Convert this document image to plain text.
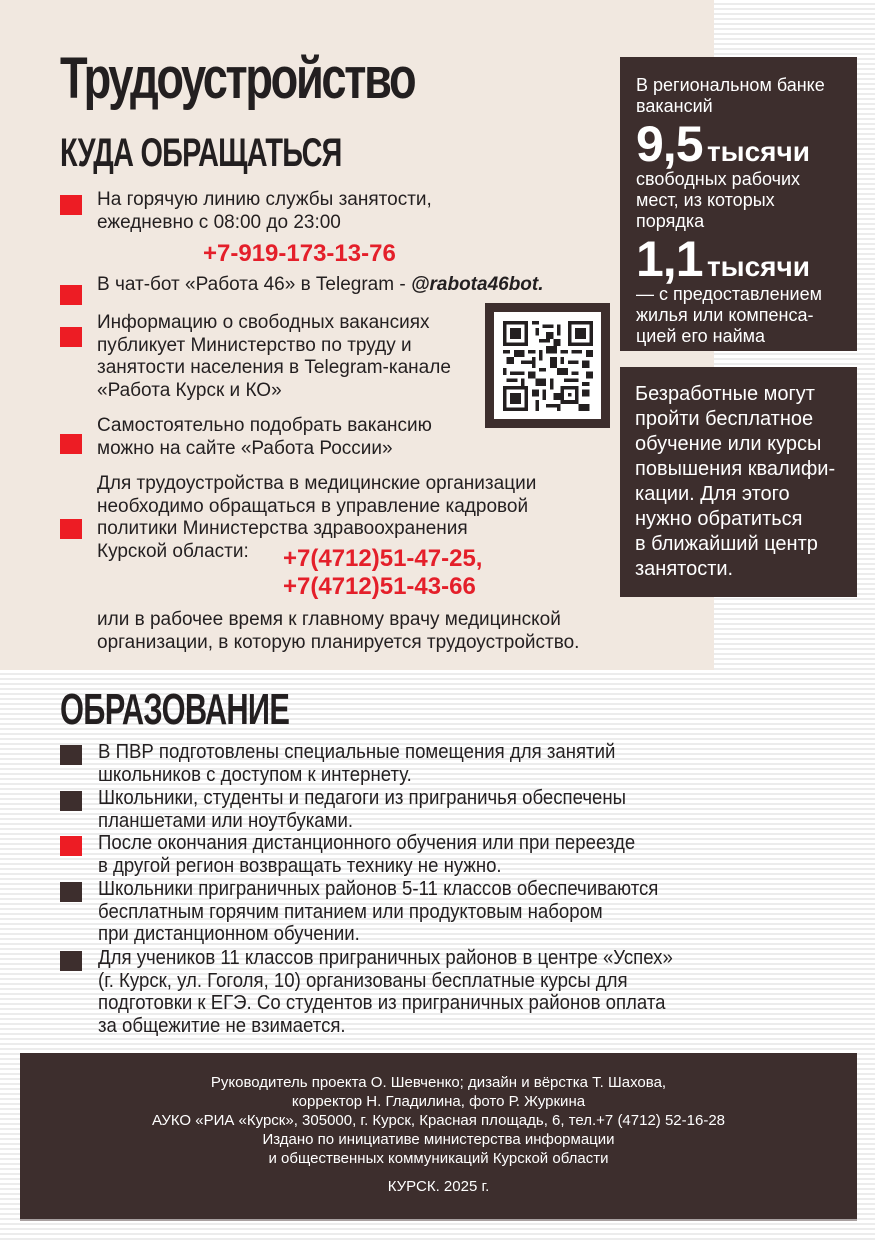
Трудоустройство
КУДА ОБРАЩАТЬСЯ
На горячую линию службы занятости,
ежедневно с 08:00 до 23:00
+7-919-173-13-76
В чат-бот «Работа 46» в Telegram - @rabota46bot.
Информацию о свободных вакансиях
публикует Министерство по труду и
занятости населения в Telegram-канале
«Работа Курск и КО»
Самостоятельно подобрать вакансию
можно на сайте «Работа России»
Для трудоустройства в медицинские организации
необходимо обращаться в управление кадровой
политики Министерства здравоохранения
Курской области:	+7(4712)51-47-25,
+7(4712)51-43-66
или в рабочее время к главному врачу медицинской
организации, в которую планируется трудоустройство.
В региональном банке
вакансий
9,5 тысячи
свободных рабочих
мест, из которых
порядка
1,1 тысячи
— с предоставлением
жилья или компенса-
цией его найма
Безработные могут
пройти бесплатное
обучение или курсы
повышения квалифи-
кации. Для этого
нужно обратиться
в ближайший центр
занятости.
ОБРАЗОВАНИЕ
В ПВР подготовлены специальные помещения для занятий
школьников с доступом к интернету.
Школьники, студенты и педагоги из приграничья обеспечены
планшетами или ноутбуками.
После окончания дистанционного обучения или при переезде
в другой регион возвращать технику не нужно.
Школьники приграничных районов 5-11 классов обеспечиваются
бесплатным горячим питанием или продуктовым набором
при дистанционном обучении.
Для учеников 11 классов приграничных районов в центре «Успех»
(г. Курск, ул. Гоголя, 10) организованы бесплатные курсы для
подготовки к ЕГЭ. Со студентов из приграничных районов оплата
за общежитие не взимается.
Руководитель проекта О. Шевченко; дизайн и вёрстка Т. Шахова,
корректор Н. Гладилина, фото Р. Журкина
АУКО «РИА «Курск», 305000, г. Курск, Красная площадь, 6, тел.+7 (4712) 52-16-28
Издано по инициативе министерства информации
и общественных коммуникаций Курской области
КУРСК. 2025 г.
